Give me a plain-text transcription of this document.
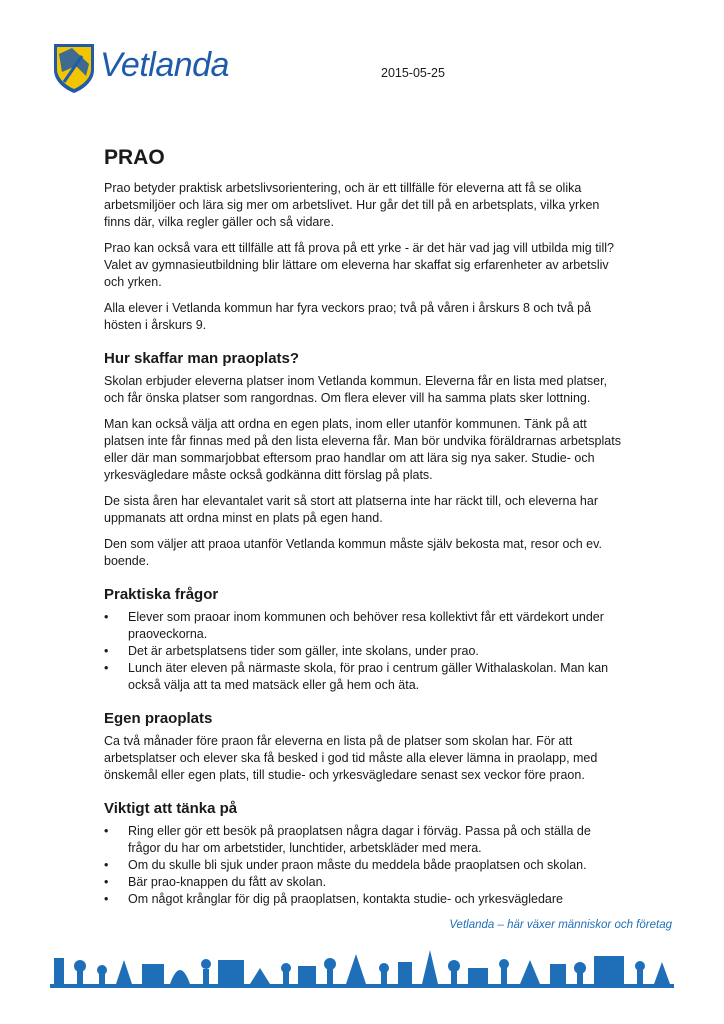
Vetlanda	2015-05-25
PRAO

Prao betyder praktisk arbetslivsorientering, och är ett tillfälle för eleverna att få se olika arbetsmiljöer och lära sig mer om arbetslivet. Hur går det till på en arbetsplats, vilka yrken finns där, vilka regler gäller och så vidare.

Prao kan också vara ett tillfälle att få prova på ett yrke - är det här vad jag vill utbilda mig till? Valet av gymnasieutbildning blir lättare om eleverna har skaffat sig erfarenheter av arbetsliv och yrken.

Alla elever i Vetlanda kommun har fyra veckors prao; två på våren i årskurs 8 och två på hösten i årskurs 9.

Hur skaffar man praoplats?

Skolan erbjuder eleverna platser inom Vetlanda kommun. Eleverna får en lista med platser, och får önska platser som rangordnas. Om flera elever vill ha samma plats sker lottning.

Man kan också välja att ordna en egen plats, inom eller utanför kommunen. Tänk på att platsen inte får finnas med på den lista eleverna får. Man bör undvika föräldrarnas arbetsplats eller där man sommarjobbat eftersom prao handlar om att lära sig nya saker. Studie- och yrkesvägledare måste också godkänna ditt förslag på plats.

De sista åren har elevantalet varit så stort att platserna inte har räckt till, och eleverna har uppmanats att ordna minst en plats på egen hand.

Den som väljer att praoa utanför Vetlanda kommun måste själv bekosta mat, resor och ev. boende.

Praktiska frågor
• Elever som praoar inom kommunen och behöver resa kollektivt får ett värdekort under praoveckorna.
• Det är arbetsplatsens tider som gäller, inte skolans, under prao.
• Lunch äter eleven på närmaste skola, för prao i centrum gäller Withalaskolan. Man kan också välja att ta med matsäck eller gå hem och äta.
Egen praoplats

Ca två månader före praon får eleverna en lista på de platser som skolan har. För att arbetsplatser och elever ska få besked i god tid måste alla elever lämna in praolapp, med önskemål eller egen plats, till studie- och yrkesvägledare senast sex veckor före praon.

Viktigt att tänka på
• Ring eller gör ett besök på praoplatsen några dagar i förväg. Passa på och ställa de frågor du har om arbetstider, lunchtider, arbetskläder med mera.
• Om du skulle bli sjuk under praon måste du meddela både praoplatsen och skolan.
• Bär prao-knappen du fått av skolan.
• Om något krånglar för dig på praoplatsen, kontakta studie- och yrkesvägledare
Vetlanda – här växer människor och företag
